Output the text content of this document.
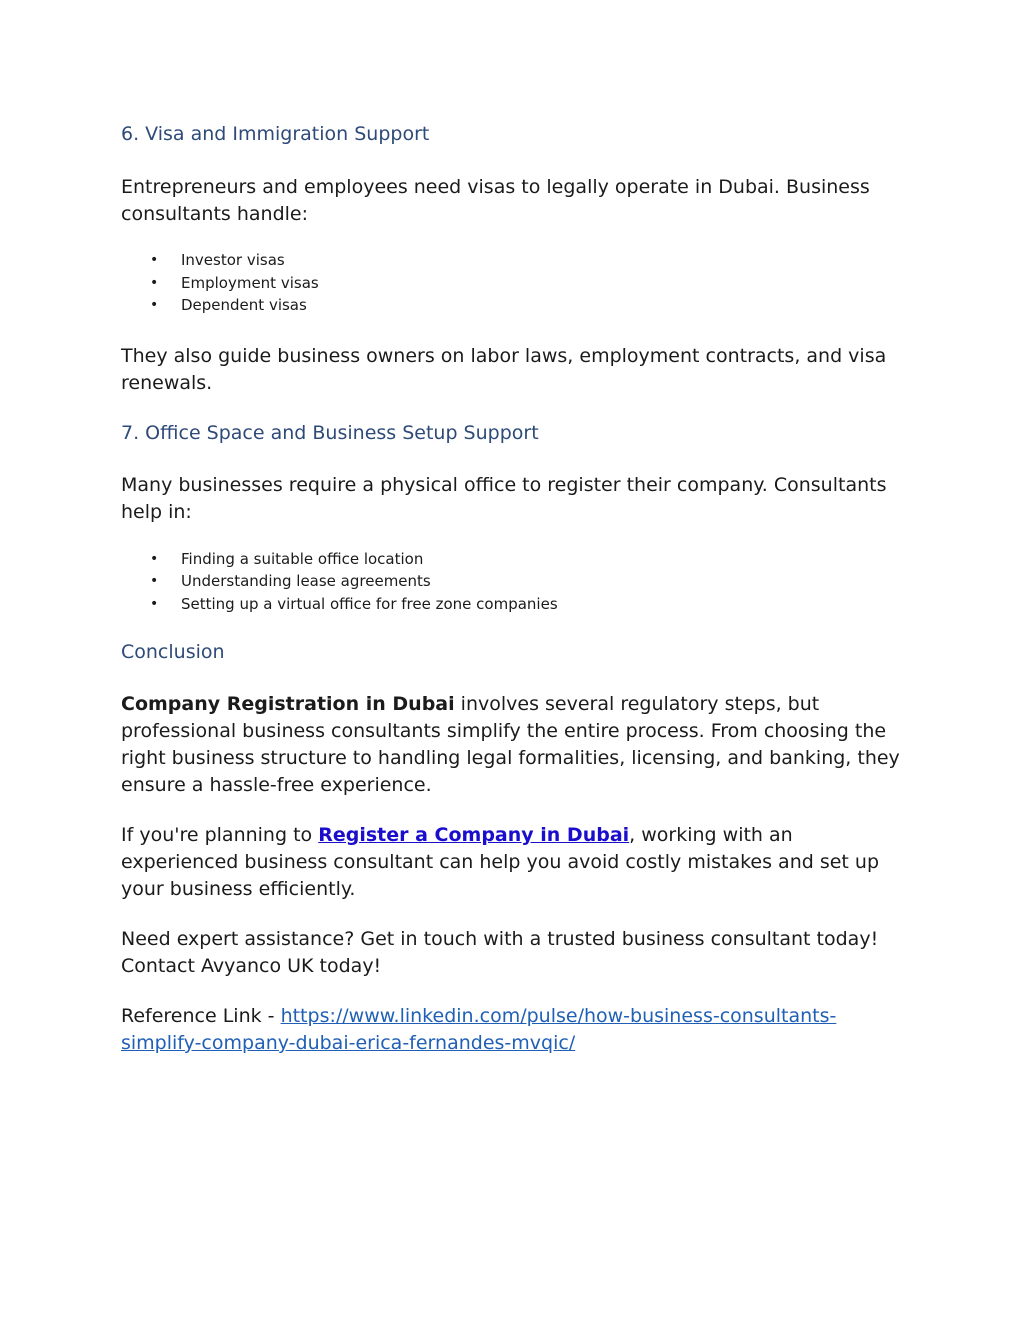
6. Visa and Immigration Support

Entrepreneurs and employees need visas to legally operate in Dubai. Business consultants handle:

• Investor visas
• Employment visas
• Dependent visas

They also guide business owners on labor laws, employment contracts, and visa renewals.

7. Office Space and Business Setup Support

Many businesses require a physical office to register their company. Consultants help in:

• Finding a suitable office location
• Understanding lease agreements
• Setting up a virtual office for free zone companies
Conclusion

Company Registration in Dubai involves several regulatory steps, but professional business consultants simplify the entire process. From choosing the right business structure to handling legal formalities, licensing, and banking, they ensure a hassle-free experience.

If you're planning to Register a Company in Dubai, working with an experienced business consultant can help you avoid costly mistakes and set up your business efficiently.

Need expert assistance? Get in touch with a trusted business consultant today! Contact Avyanco UK today!

Reference Link - https://www.linkedin.com/pulse/how-business-consultants-simplify-company-dubai-erica-fernandes-mvqic/
